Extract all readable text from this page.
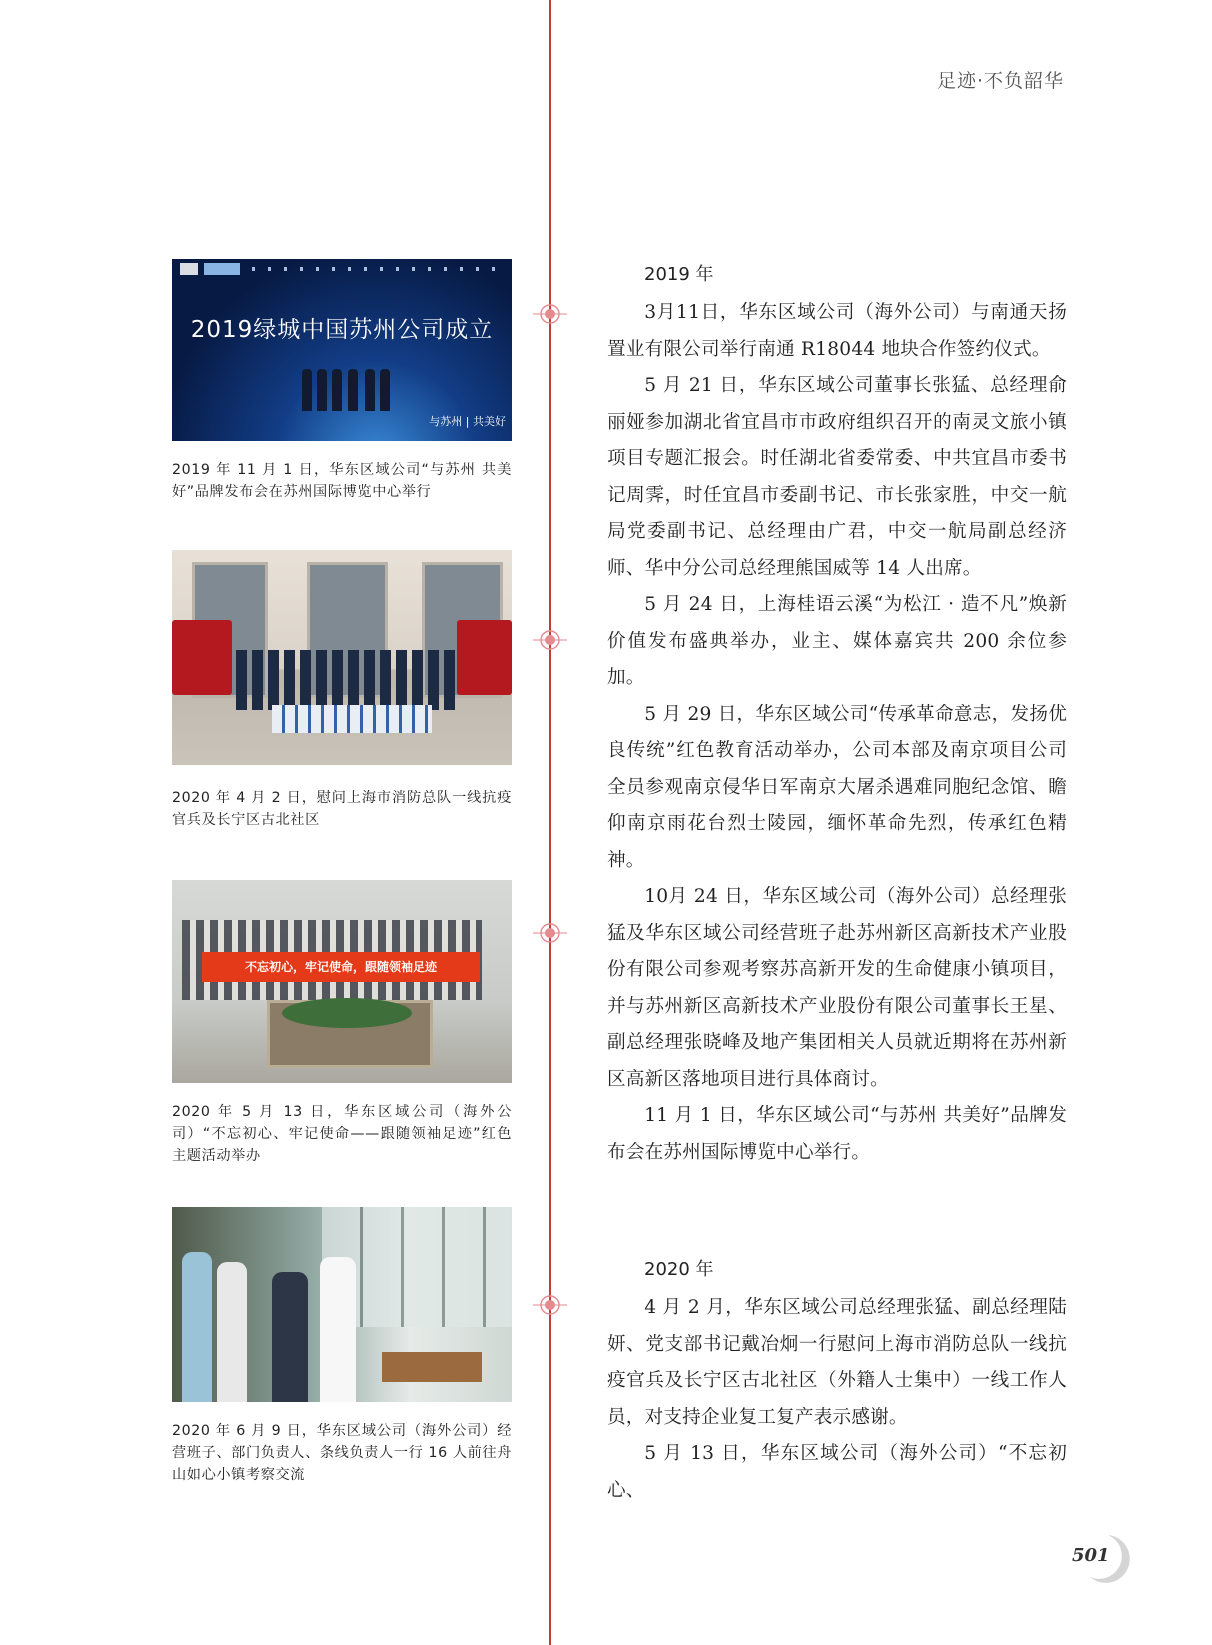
足迹·不负韶华
2019绿城中国苏州公司成立
与苏州 | 共美好
2019 年 11 月 1 日，华东区域公司“与苏州 共美好”品牌发布会在苏州国际博览中心举行
2020 年 4 月 2 日，慰问上海市消防总队一线抗疫官兵及长宁区古北社区
不忘初心，牢记使命，跟随领袖足迹
2020 年 5 月 13 日，华东区域公司（海外公司）“不忘初心、牢记使命——跟随领袖足迹”红色主题活动举办
2020 年 6 月 9 日，华东区域公司（海外公司）经营班子、部门负责人、条线负责人一行 16 人前往舟山如心小镇考察交流
2019 年

3月11日，华东区域公司（海外公司）与南通天扬置业有限公司举行南通 R18044 地块合作签约仪式。

5 月 21 日，华东区域公司董事长张猛、总经理俞丽娅参加湖北省宜昌市市政府组织召开的南灵文旅小镇项目专题汇报会。时任湖北省委常委、中共宜昌市委书记周霁，时任宜昌市委副书记、市长张家胜，中交一航局党委副书记、总经理由广君，中交一航局副总经济师、华中分公司总经理熊国威等 14 人出席。

5 月 24 日，上海桂语云溪“为松江 · 造不凡”焕新价值发布盛典举办，业主、媒体嘉宾共 200 余位参加。

5 月 29 日，华东区域公司“传承革命意志，发扬优良传统”红色教育活动举办，公司本部及南京项目公司全员参观南京侵华日军南京大屠杀遇难同胞纪念馆、瞻仰南京雨花台烈士陵园，缅怀革命先烈，传承红色精神。

10月 24 日，华东区域公司（海外公司）总经理张猛及华东区域公司经营班子赴苏州新区高新技术产业股份有限公司参观考察苏高新开发的生命健康小镇项目，并与苏州新区高新技术产业股份有限公司董事长王星、副总经理张晓峰及地产集团相关人员就近期将在苏州新区高新区落地项目进行具体商讨。

11 月 1 日，华东区域公司“与苏州 共美好”品牌发布会在苏州国际博览中心举行。

2020 年

4 月 2 月，华东区域公司总经理张猛、副总经理陆妍、党支部书记戴冶炯一行慰问上海市消防总队一线抗疫官兵及长宁区古北社区（外籍人士集中）一线工作人员，对支持企业复工复产表示感谢。

5 月 13 日，华东区域公司（海外公司）“不忘初心、

501
